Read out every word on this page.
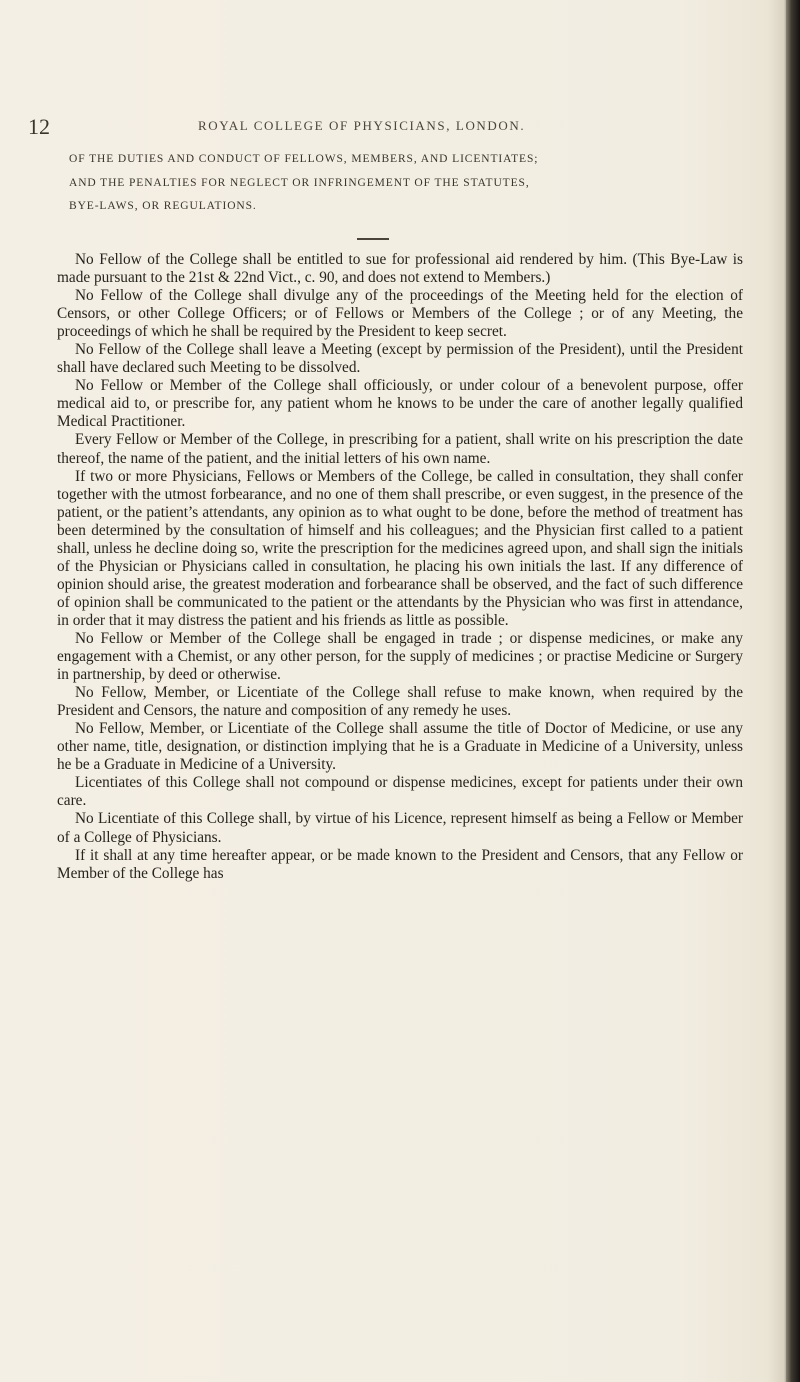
12	ROYAL COLLEGE OF PHYSICIANS, LONDON.
OF THE DUTIES AND CONDUCT OF FELLOWS, MEMBERS, AND LICENTIATES;
AND THE PENALTIES FOR NEGLECT OR INFRINGEMENT OF THE STATUTES,
BYE-LAWS, OR REGULATIONS.

No Fellow of the College shall be entitled to sue for professional aid rendered by him. (This Bye-Law is made pursuant to the 21st & 22nd Vict., c. 90, and does not extend to Members.)

No Fellow of the College shall divulge any of the proceedings of the Meeting held for the election of Censors, or other College Officers; or of Fellows or Members of the College ; or of any Meeting, the proceedings of which he shall be required by the President to keep secret.

No Fellow of the College shall leave a Meeting (except by permission of the President), until the President shall have declared such Meeting to be dissolved.

No Fellow or Member of the College shall officiously, or under colour of a benevolent purpose, offer medical aid to, or prescribe for, any patient whom he knows to be under the care of another legally qualified Medical Practitioner.

Every Fellow or Member of the College, in prescribing for a patient, shall write on his prescription the date thereof, the name of the patient, and the initial letters of his own name.

If two or more Physicians, Fellows or Members of the College, be called in consultation, they shall confer together with the utmost forbearance, and no one of them shall prescribe, or even suggest, in the presence of the patient, or the patient’s attendants, any opinion as to what ought to be done, before the method of treatment has been determined by the consultation of himself and his colleagues; and the Physician first called to a patient shall, unless he decline doing so, write the prescription for the medicines agreed upon, and shall sign the initials of the Physician or Physicians called in consultation, he placing his own initials the last. If any difference of opinion should arise, the greatest moderation and forbearance shall be observed, and the fact of such difference of opinion shall be communicated to the patient or the attendants by the Physician who was first in attendance, in order that it may distress the patient and his friends as little as possible.

No Fellow or Member of the College shall be engaged in trade ; or dispense medicines, or make any engagement with a Chemist, or any other person, for the supply of medicines ; or practise Medicine or Surgery in partnership, by deed or otherwise.

No Fellow, Member, or Licentiate of the College shall refuse to make known, when required by the President and Censors, the nature and composition of any remedy he uses.

No Fellow, Member, or Licentiate of the College shall assume the title of Doctor of Medicine, or use any other name, title, designation, or distinction implying that he is a Graduate in Medicine of a University, unless he be a Graduate in Medicine of a University.

Licentiates of this College shall not compound or dispense medicines, except for patients under their own care.

No Licentiate of this College shall, by virtue of his Licence, represent himself as being a Fellow or Member of a College of Physicians.

If it shall at any time hereafter appear, or be made known to the President and Censors, that any Fellow or Member of the College has
